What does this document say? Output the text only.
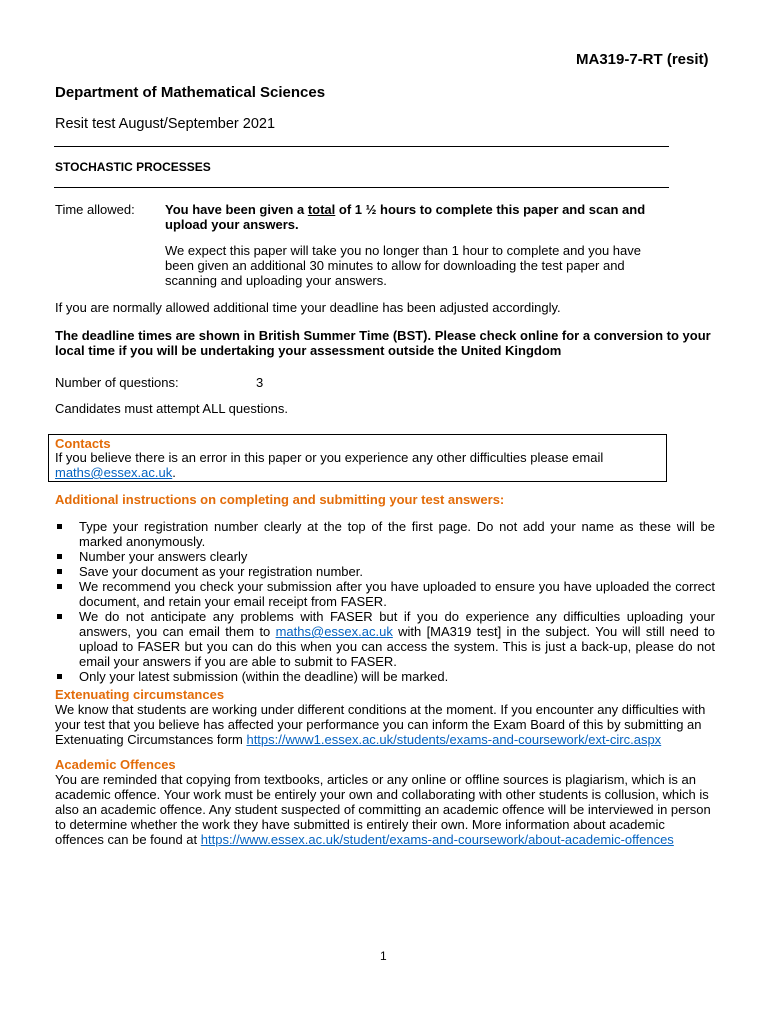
MA319-7-RT (resit)
Department of Mathematical Sciences
Resit test August/September 2021
STOCHASTIC PROCESSES
Time allowed: You have been given a total of 1 ½ hours to complete this paper and scan and
upload your answers.
We expect this paper will take you no longer than 1 hour to complete and you have been given an additional 30 minutes to allow for downloading the test paper and scanning and uploading your answers.
If you are normally allowed additional time your deadline has been adjusted accordingly.
The deadline times are shown in British Summer Time (BST). Please check online for a conversion to your local time if you will be undertaking your assessment outside the United Kingdom
Number of questions:	3
Candidates must attempt ALL questions.
Contacts
If you believe there is an error in this paper or you experience any other difficulties please email maths@essex.ac.uk.
Additional instructions on completing and submitting your test answers:
Type your registration number clearly at the top of the first page. Do not add your name as these will be marked anonymously.
Number your answers clearly
Save your document as your registration number.
We recommend you check your submission after you have uploaded to ensure you have uploaded the correct document, and retain your email receipt from FASER.
We do not anticipate any problems with FASER but if you do experience any difficulties uploading your answers, you can email them to maths@essex.ac.uk with [MA319 test] in the subject. You will still need to upload to FASER but you can do this when you can access the system. This is just a back-up, please do not email your answers if you are able to submit to FASER.
Only your latest submission (within the deadline) will be marked.
Extenuating circumstances
We know that students are working under different conditions at the moment. If you encounter any difficulties with your test that you believe has affected your performance you can inform the Exam Board of this by submitting an Extenuating Circumstances form https://www1.essex.ac.uk/students/exams-and-coursework/ext-circ.aspx
Academic Offences
You are reminded that copying from textbooks, articles or any online or offline sources is plagiarism, which is an academic offence. Your work must be entirely your own and collaborating with other students is collusion, which is also an academic offence. Any student suspected of committing an academic offence will be interviewed in person to determine whether the work they have submitted is entirely their own. More information about academic offences can be found at https://www.essex.ac.uk/student/exams-and-coursework/about-academic-offences
1
